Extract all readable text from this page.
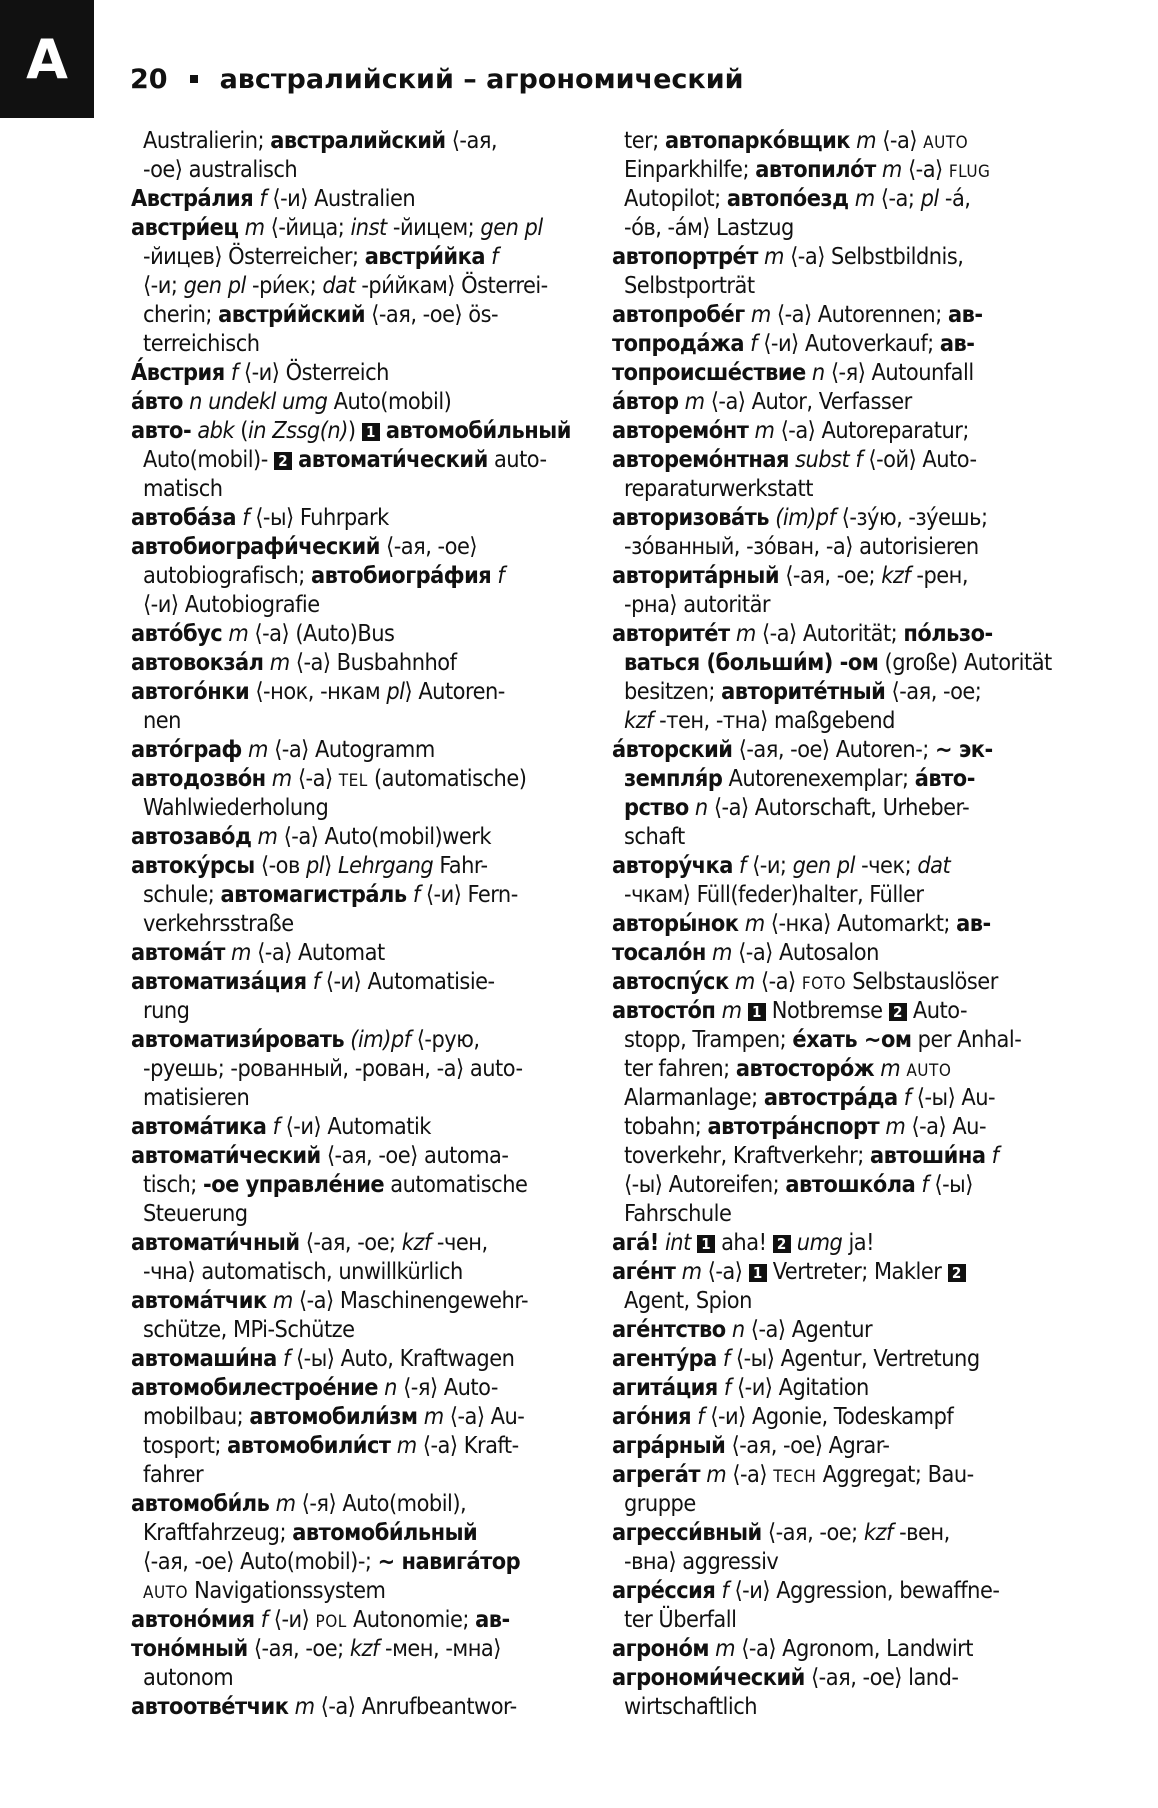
A 20 австралийский – агрономический
Australierin; австралийский ⟨-ая,
-ое⟩ australisch
Австра́лия f ⟨-и⟩ Australien
австри́ец m ⟨-йица; inst -йицем; gen pl
-йицев⟩ Österreicher; австри́йка f
⟨-и; gen pl -ри́ек; dat -ри́йкам⟩ Österrei-
cherin; австри́йский ⟨-ая, -ое⟩ ös-
terreichisch
А́встрия f ⟨-и⟩ Österreich
а́вто n undekl umg Auto(mobil)
авто- abk (in Zssg(n)) 1 автомоби́льный
Auto(mobil)- 2 автомати́ческий auto-
matisch
автоба́за f ⟨-ы⟩ Fuhrpark
автобиографи́ческий ⟨-ая, -ое⟩
autobiografisch; автобиогра́фия f
⟨-и⟩ Autobiografie
авто́бус m ⟨-а⟩ (Auto)Bus
автовокза́л m ⟨-а⟩ Busbahnhof
автого́нки ⟨-нок, -нкам pl⟩ Autoren-
nen
авто́граф m ⟨-а⟩ Autogramm
автодозво́н m ⟨-а⟩ TEL (automatische)
Wahlwiederholung
автозаво́д m ⟨-а⟩ Auto(mobil)werk
автоку́рсы ⟨-ов pl⟩ Lehrgang Fahr-
schule; автомагистра́ль f ⟨-и⟩ Fern-
verkehrsstraße
автома́т m ⟨-а⟩ Automat
автоматиза́ция f ⟨-и⟩ Automatisie-
rung
автоматизи́ровать (im)pf ⟨-рую,
-руешь; -рованный, -рован, -а⟩ auto-
matisieren
автома́тика f ⟨-и⟩ Automatik
автомати́ческий ⟨-ая, -ое⟩ automa-
tisch; -ое управле́ние automatische
Steuerung
автомати́чный ⟨-ая, -ое; kzf -чен,
-чна⟩ automatisch, unwillkürlich
автома́тчик m ⟨-а⟩ Maschinengewehr-
schütze, MPi-Schütze
автомаши́на f ⟨-ы⟩ Auto, Kraftwagen
автомобилестрое́ние n ⟨-я⟩ Auto-
mobilbau; автомобили́зм m ⟨-а⟩ Au-
tosport; автомобили́ст m ⟨-а⟩ Kraft-
fahrer
автомоби́ль m ⟨-я⟩ Auto(mobil),
Kraftfahrzeug; автомоби́льный
⟨-ая, -ое⟩ Auto(mobil)-; ~ навига́тор
AUTO Navigationssystem
автоно́мия f ⟨-и⟩ POL Autonomie; ав-
тоно́мный ⟨-ая, -ое; kzf -мен, -мна⟩
autonom
автоотве́тчик m ⟨-а⟩ Anrufbeantwor-
ter; автопарко́вщик m ⟨-а⟩ AUTO
Einparkhilfe; автопило́т m ⟨-а⟩ FLUG
Autopilot; автопо́езд m ⟨-а; pl -а́,
-о́в, -а́м⟩ Lastzug
автопортре́т m ⟨-а⟩ Selbstbildnis,
Selbstporträt
автопробе́г m ⟨-а⟩ Autorennen; ав-
топрода́жа f ⟨-и⟩ Autoverkauf; ав-
топроисше́ствие n ⟨-я⟩ Autounfall
а́втор m ⟨-а⟩ Autor, Verfasser
авторемо́нт m ⟨-а⟩ Autoreparatur;
авторемо́нтная subst f ⟨-ой⟩ Auto-
reparaturwerkstatt
авторизова́ть (im)pf ⟨-зу́ю, -зу́ешь;
-зо́ванный, -зо́ван, -а⟩ autorisieren
авторита́рный ⟨-ая, -ое; kzf -рен,
-рна⟩ autoritär
авторите́т m ⟨-а⟩ Autorität; по́льзо-
ваться (больши́м) -ом (große) Autorität
besitzen; авторите́тный ⟨-ая, -ое;
kzf -тен, -тна⟩ maßgebend
а́вторский ⟨-ая, -ое⟩ Autoren-; ~ эк-
земпля́р Autorenexemplar; а́вто-
рство n ⟨-а⟩ Autorschaft, Urheber-
schaft
автору́чка f ⟨-и; gen pl -чек; dat
-чкам⟩ Füll(feder)halter, Füller
авторы́нок m ⟨-нка⟩ Automarkt; ав-
тосало́н m ⟨-а⟩ Autosalon
автоспу́ск m ⟨-а⟩ FOTO Selbstauslöser
автосто́п m 1 Notbremse 2 Auto-
stopp, Trampen; е́хать ~ом per Anhal-
ter fahren; автосторо́ж m AUTO
Alarmanlage; автостра́да f ⟨-ы⟩ Au-
tobahn; автотра́нспорт m ⟨-а⟩ Au-
toverkehr, Kraftverkehr; автоши́на f
⟨-ы⟩ Autoreifen; автошко́ла f ⟨-ы⟩
Fahrschule
ага́! int 1 aha! 2 umg ja!
аге́нт m ⟨-а⟩ 1 Vertreter; Makler 2
Agent, Spion
аге́нтство n ⟨-а⟩ Agentur
агенту́ра f ⟨-ы⟩ Agentur, Vertretung
агита́ция f ⟨-и⟩ Agitation
аго́ния f ⟨-и⟩ Agonie, Todeskampf
агра́рный ⟨-ая, -ое⟩ Agrar-
агрега́т m ⟨-а⟩ TECH Aggregat; Bau-
gruppe
агресси́вный ⟨-ая, -ое; kzf -вен,
-вна⟩ aggressiv
агре́ссия f ⟨-и⟩ Aggression, bewaffne-
ter Überfall
агроно́м m ⟨-а⟩ Agronom, Landwirt
агрономи́ческий ⟨-ая, -ое⟩ land-
wirtschaftlich
